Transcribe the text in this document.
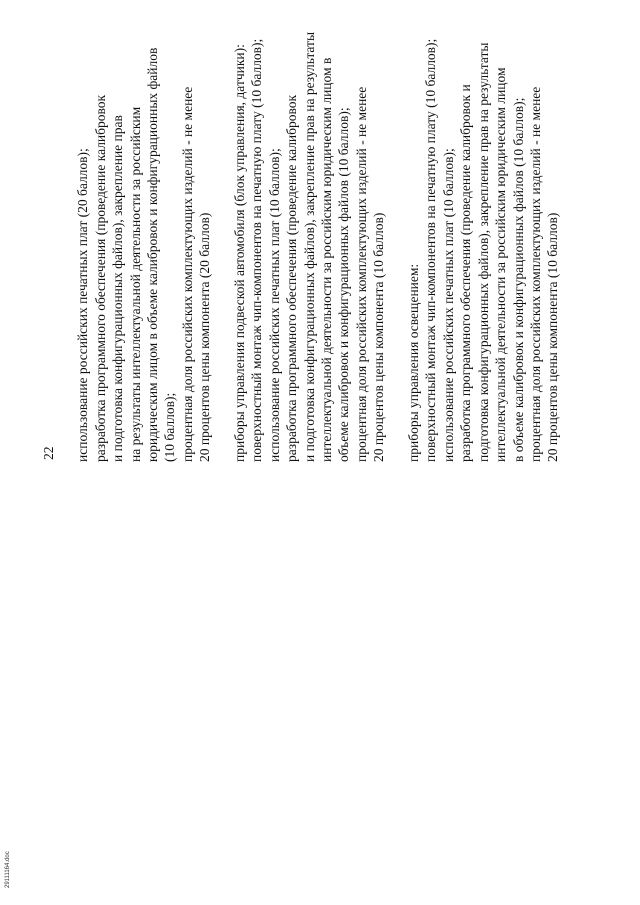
22 использование российских печатных плат (20 баллов); разработка программного обеспечения (проведение калибровок и подготовка конфигурационных файлов), закрепление прав на результаты интеллектуальной деятельности за российским юридическим лицом в объеме калибровок и конфигурационных файлов (10 баллов); процентная доля российских комплектующих изделий - не менее 20 процентов цены компонента (20 баллов) приборы управления подвеской автомобиля (блок управления, датчики): поверхностный монтаж чип-компонентов на печатную плату (10 баллов); использование российских печатных плат (10 баллов); разработка программного обеспечения (проведение калибровок и подготовка конфигурационных файлов), закрепление прав на результаты интеллектуальной деятельности за российским юридическим лицом в объеме калибровок и конфигурационных файлов (10 баллов); процентная доля российских комплектующих изделий - не менее 20 процентов цены компонента (10 баллов) приборы управления освещением: поверхностный монтаж чип-компонентов на печатную плату (10 баллов); использование российских печатных плат (10 баллов); разработка программного обеспечения (проведение калибровок и подготовка конфигурационных файлов), закрепление прав на результаты интеллектуальной деятельности за российским юридическим лицом в объеме калибровок и конфигурационных файлов (10 баллов); процентная доля российских комплектующих изделий - не менее 20 процентов цены компонента (10 баллов)

29111164.doc
